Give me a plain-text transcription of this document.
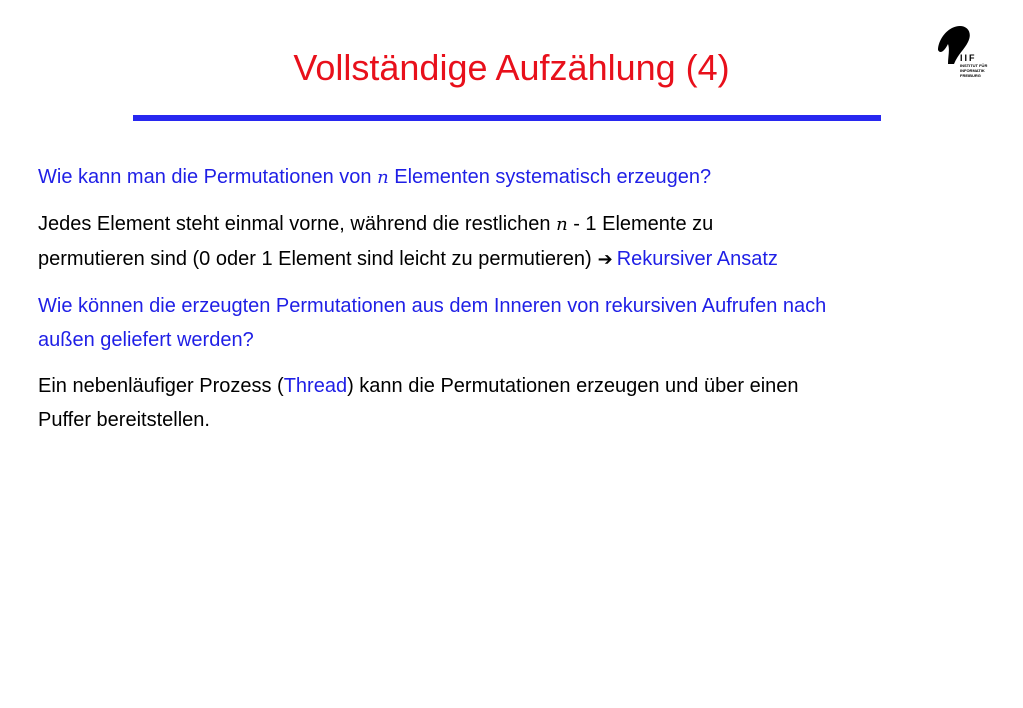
Vollständige Aufzählung (4)	IIF
INSTITUT FÜR
INFORMATIK
FREIBURG

Wie kann man die Permutationen von n Elementen systematisch erzeugen?

Jedes Element steht einmal vorne, während die restlichen n - 1 Elemente zu
permutieren sind (0 oder 1 Element sind leicht zu permutieren) ➔ Rekursiver Ansatz

Wie können die erzeugten Permutationen aus dem Inneren von rekursiven Aufrufen nach
außen geliefert werden?

Ein nebenläufiger Prozess (Thread) kann die Permutationen erzeugen und über einen
Puffer bereitstellen.
